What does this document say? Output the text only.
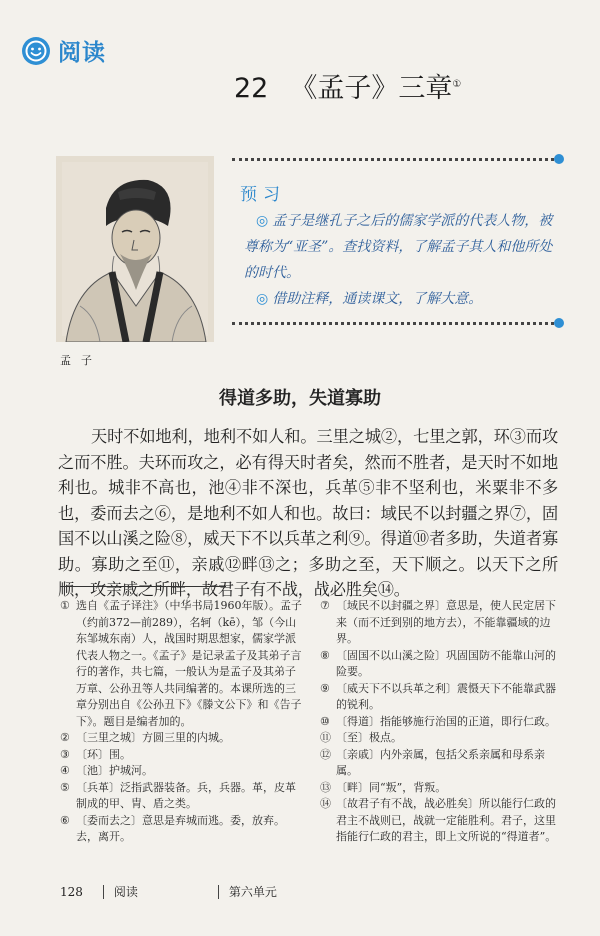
阅读
22 《孟子》三章①
孟子
预习

◎ 孟子是继孔子之后的儒家学派的代表人物，被尊称为“亚圣”。查找资料，了解孟子其人和他所处的时代。

◎ 借助注释，通读课文，了解大意。

得道多助，失道寡助
天时不如地利，地利不如人和。三里之城②，七里之郭，环③而攻之而不胜。夫环而攻之，必有得天时者矣，然而不胜者，是天时不如地利也。城非不高也，池④非不深也，兵革⑤非不坚利也，米粟非不多也，委而去之⑥，是地利不如人和也。故曰：域民不以封疆之界⑦，固国不以山溪之险⑧，威天下不以兵革之利⑨。得道⑩者多助，失道者寡助。寡助之至⑪，亲戚⑫畔⑬之；多助之至，天下顺之。以天下之所顺，攻亲戚之所畔，故君子有不战，战必胜矣⑭。

① 选自《孟子译注》（中华书局1960年版）。孟子（约前372—前289），名轲（kē），邹（今山东邹城东南）人，战国时期思想家，儒家学派代表人物之一。《孟子》是记录孟子及其弟子言行的著作，共七篇，一般认为是孟子及其弟子万章、公孙丑等人共同编著的。本课所选的三章分别出自《公孙丑下》《滕文公下》和《告子下》。题目是编者加的。

② 〔三里之城〕方圆三里的内城。

③ 〔环〕围。

④ 〔池〕护城河。

⑤ 〔兵革〕泛指武器装备。兵，兵器。革，皮革制成的甲、胄、盾之类。

⑥ 〔委而去之〕意思是弃城而逃。委，放弃。去，离开。

⑦ 〔域民不以封疆之界〕意思是，使人民定居下来（而不迁到别的地方去），不能靠疆域的边界。

⑧ 〔固国不以山溪之险〕巩固国防不能靠山河的险要。

⑨ 〔威天下不以兵革之利〕震慑天下不能靠武器的锐利。

⑩ 〔得道〕指能够施行治国的正道，即行仁政。

⑪ 〔至〕极点。

⑫ 〔亲戚〕内外亲属，包括父系亲属和母系亲属。

⑬ 〔畔〕同“叛”，背叛。

⑭ 〔故君子有不战，战必胜矣〕所以能行仁政的君主不战则已，战就一定能胜利。君子，这里指能行仁政的君主，即上文所说的“得道者”。

128	阅读	第六单元
